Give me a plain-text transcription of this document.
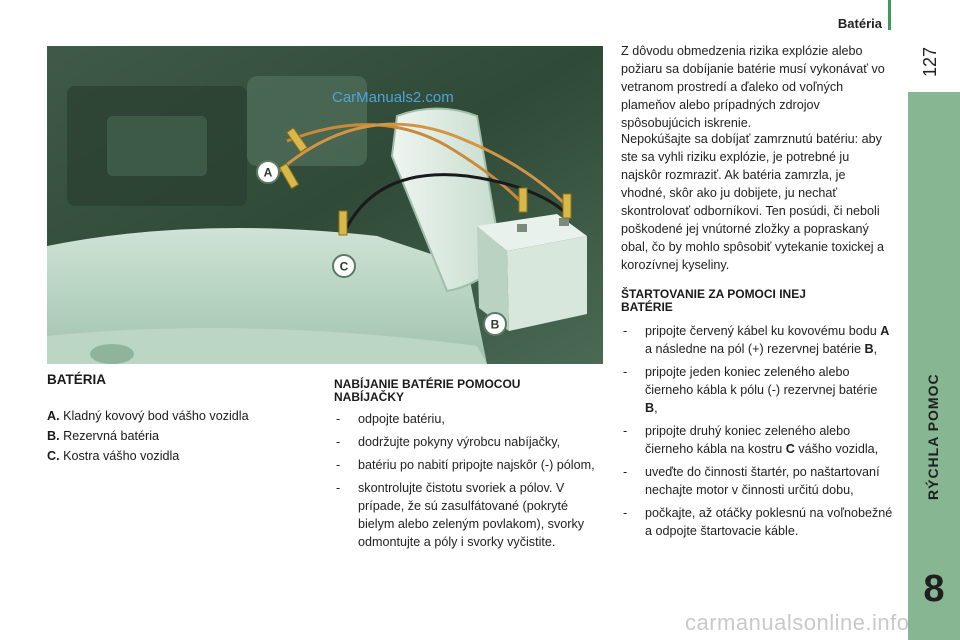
Batéria
127
8
CarManuals2.com
A
C
B
BATÉRIA
A. Kladný kovový bod vášho vozidla
B. Rezervná batéria
C. Kostra vášho vozidla
NABÍJANIE BATÉRIE POMOCOU
NABÍJAČKY
- odpojte batériu,
- dodržujte pokyny výrobcu nabíjačky,
- batériu po nabití pripojte najskôr (-) pólom,
- skontrolujte čistotu svoriek a pólov. V prípade, že sú zasulfátované (pokryté bielym alebo zeleným povlakom), svorky odmontujte a póly i svorky vyčistite.
Z dôvodu obmedzenia rizika explózie alebo požiaru sa dobíjanie batérie musí vykonávať vo vetranom prostredí a ďaleko od voľných plameňov alebo prípadných zdrojov spôsobujúcich iskrenie.
Nepokúšajte sa dobíjať zamrznutú batériu: aby ste sa vyhli riziku explózie, je potrebné ju najskôr rozmraziť. Ak batéria zamrzla, je vhodné, skôr ako ju dobijete, ju nechať skontrolovať odborníkovi. Ten posúdi, či neboli poškodené jej vnútorné zložky a popraskaný obal, čo by mohlo spôsobiť vytekanie toxickej a korozívnej kyseliny.
ŠTARTOVANIE ZA POMOCI INEJ
BATÉRIE
- pripojte červený kábel ku kovovému bodu A a následne na pól (+) rezervnej batérie B,
- pripojte jeden koniec zeleného alebo čierneho kábla k pólu (-) rezervnej batérie B,
- pripojte druhý koniec zeleného alebo čierneho kábla na kostru C vášho vozidla,
- uveďte do činnosti štartér, po naštartovaní nechajte motor v činnosti určitú dobu,
- počkajte, až otáčky poklesnú na voľnobežné a odpojte štartovacie káble.
carmanualsonline.info
